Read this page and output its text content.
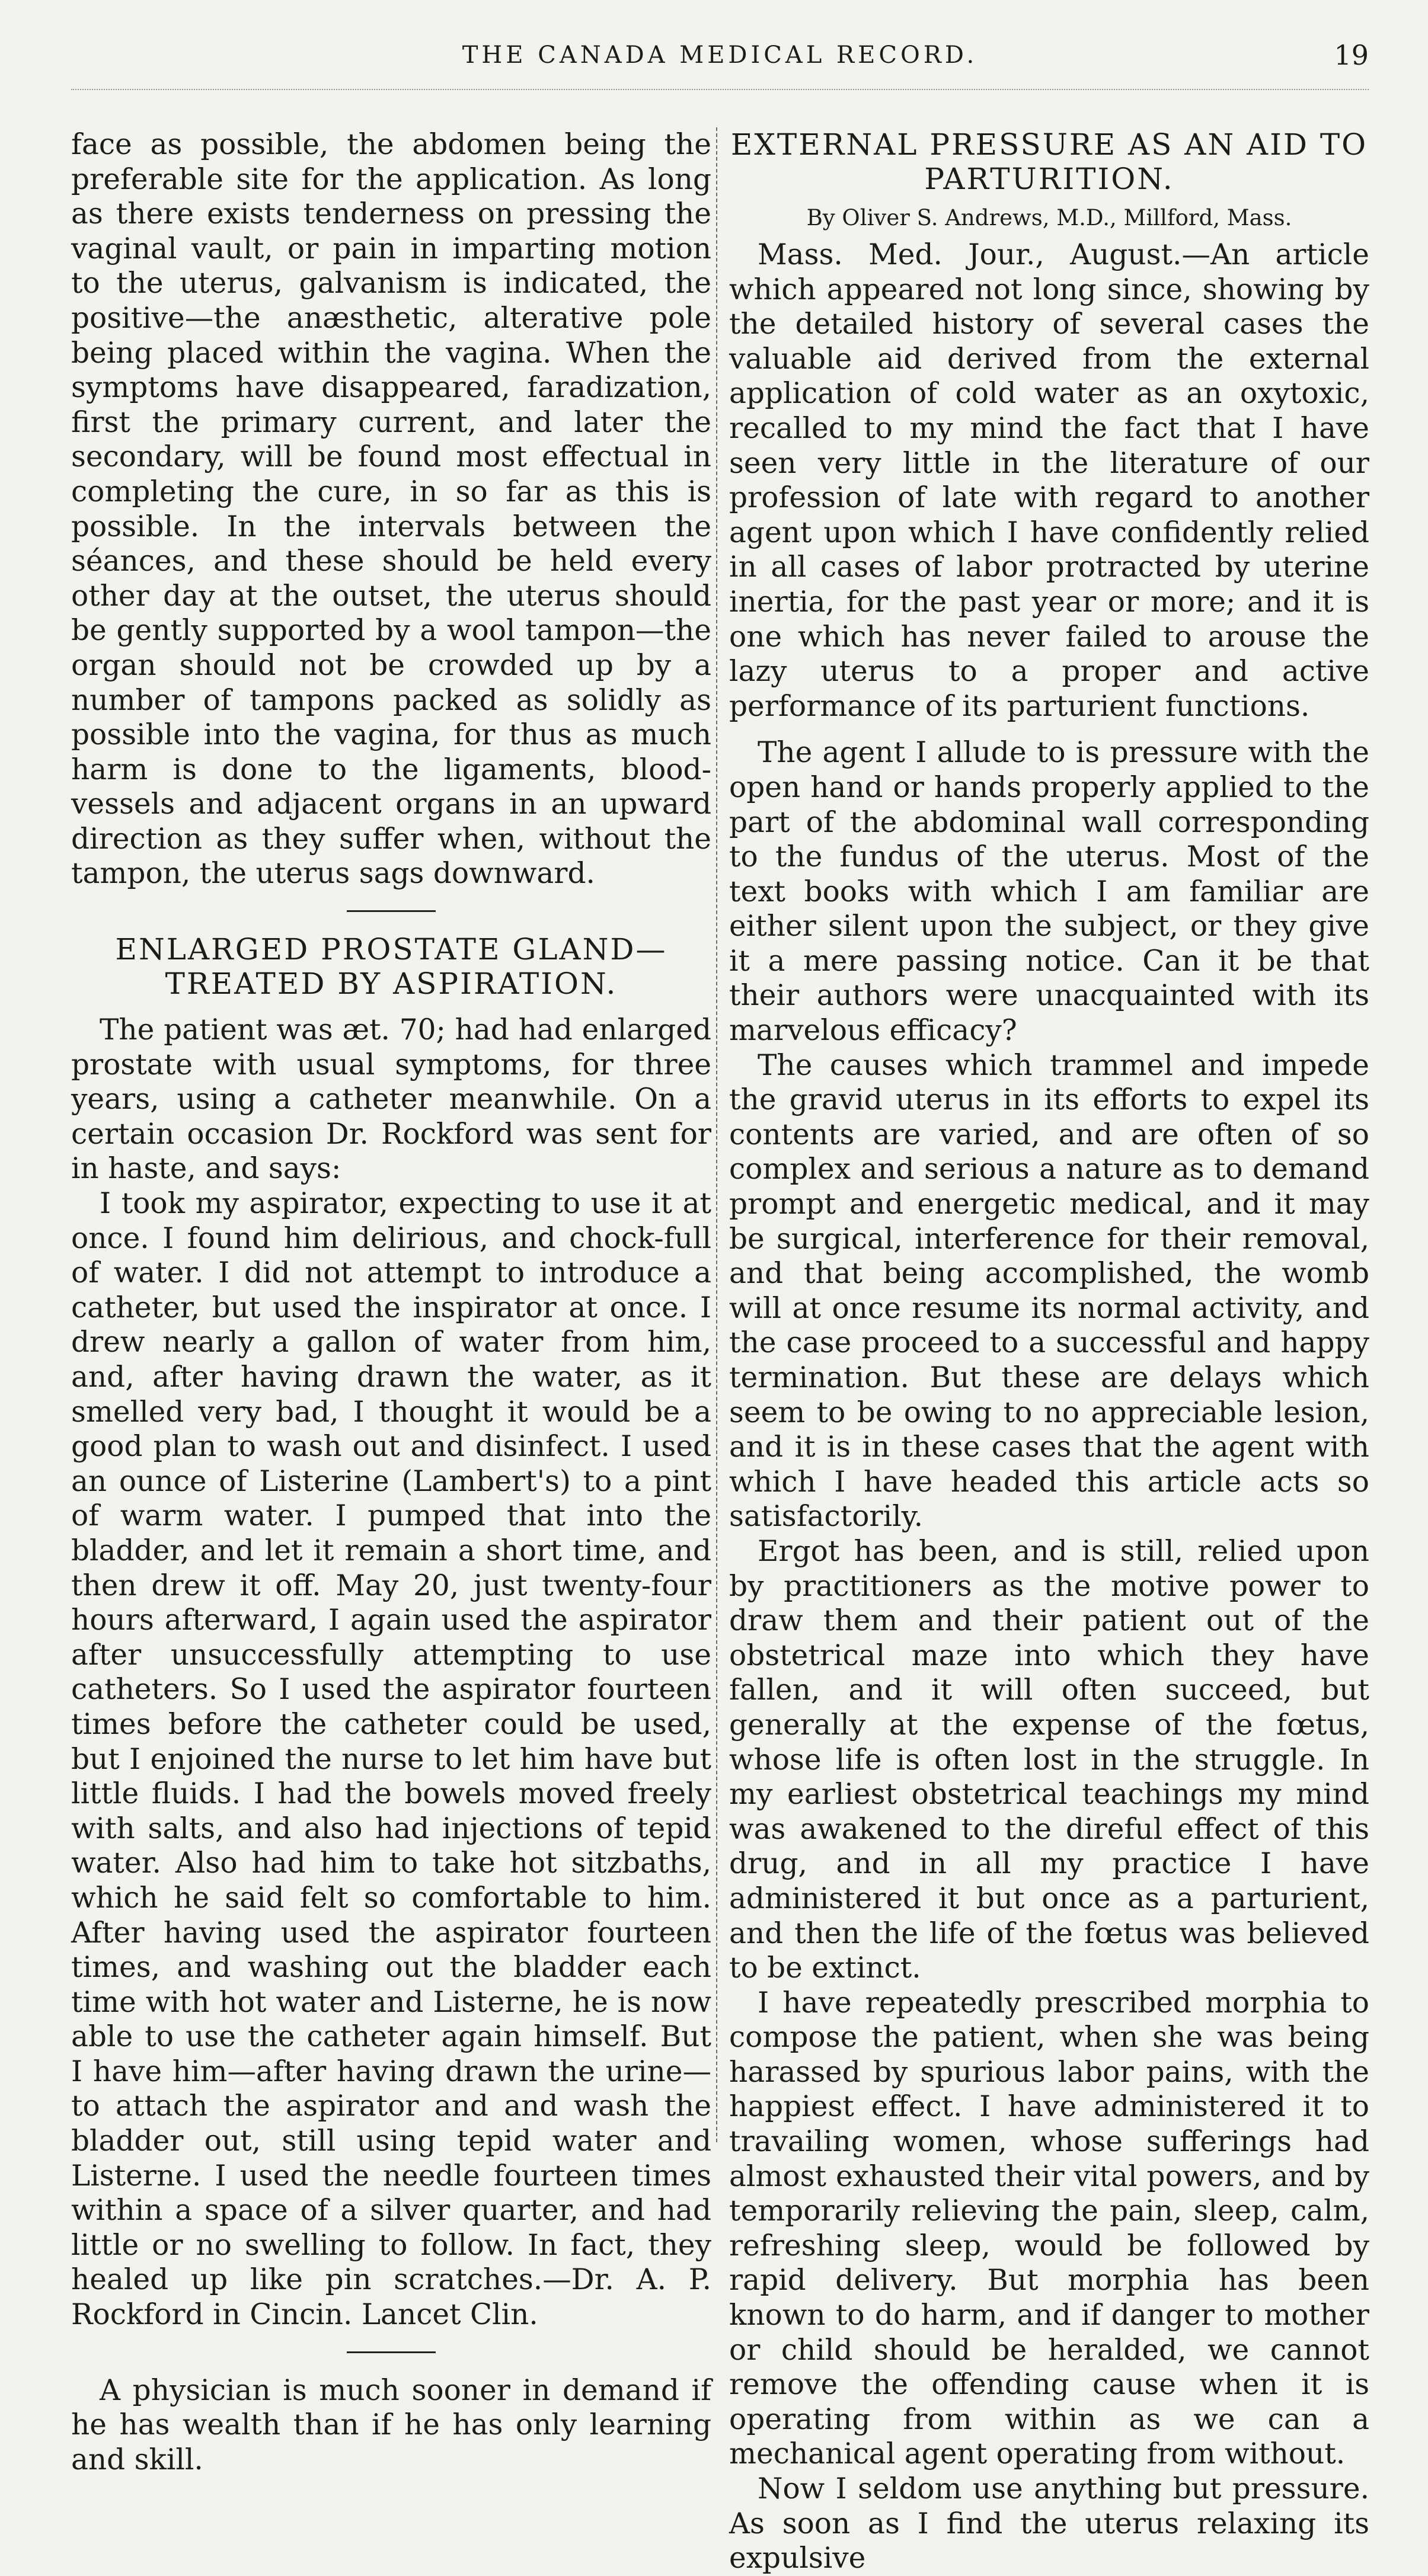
THE CANADA MEDICAL RECORD.	19

face as possible, the abdomen being the preferable site for the application. As long as there exists tenderness on pressing the vaginal vault, or pain in imparting motion to the uterus, galvanism is indicated, the positive—the anæsthetic, alterative pole being placed within the vagina. When the symptoms have disappeared, faradization, first the primary current, and later the secondary, will be found most effectual in completing the cure, in so far as this is possible. In the intervals between the séances, and these should be held every other day at the outset, the uterus should be gently supported by a wool tampon—the organ should not be crowded up by a number of tampons packed as solidly as possible into the vagina, for thus as much harm is done to the ligaments, blood-vessels and adjacent organs in an upward direction as they suffer when, without the tampon, the uterus sags downward.

ENLARGED PROSTATE GLAND—TREATED BY ASPIRATION.

The patient was æt. 70; had had enlarged prostate with usual symptoms, for three years, using a catheter meanwhile. On a certain occasion Dr. Rockford was sent for in haste, and says:

I took my aspirator, expecting to use it at once. I found him delirious, and chock-full of water. I did not attempt to introduce a catheter, but used the inspirator at once. I drew nearly a gallon of water from him, and, after having drawn the water, as it smelled very bad, I thought it would be a good plan to wash out and disinfect. I used an ounce of Listerine (Lambert's) to a pint of warm water. I pumped that into the bladder, and let it remain a short time, and then drew it off. May 20, just twenty-four hours afterward, I again used the aspirator after unsuccessfully attempting to use catheters. So I used the aspirator fourteen times before the catheter could be used, but I enjoined the nurse to let him have but little fluids. I had the bowels moved freely with salts, and also had injections of tepid water. Also had him to take hot sitzbaths, which he said felt so comfortable to him. After having used the aspirator fourteen times, and washing out the bladder each time with hot water and Listerne, he is now able to use the catheter again himself. But I have him—after having drawn the urine—to attach the aspirator and and wash the bladder out, still using tepid water and Listerne. I used the needle fourteen times within a space of a silver quarter, and had little or no swelling to follow. In fact, they healed up like pin scratches.—Dr. A. P. Rockford in Cincin. Lancet Clin.

A physician is much sooner in demand if he has wealth than if he has only learning and skill.

EXTERNAL PRESSURE AS AN AID TO PARTURITION.
By Oliver S. Andrews, M.D., Millford, Mass.

Mass. Med. Jour., August.—An article which appeared not long since, showing by the detailed history of several cases the valuable aid derived from the external application of cold water as an oxytoxic, recalled to my mind the fact that I have seen very little in the literature of our profession of late with regard to another agent upon which I have confidently relied in all cases of labor protracted by uterine inertia, for the past year or more; and it is one which has never failed to arouse the lazy uterus to a proper and active performance of its parturient functions.

The agent I allude to is pressure with the open hand or hands properly applied to the part of the abdominal wall corresponding to the fundus of the uterus. Most of the text books with which I am familiar are either silent upon the subject, or they give it a mere passing notice. Can it be that their authors were unacquainted with its marvelous efficacy?

The causes which trammel and impede the gravid uterus in its efforts to expel its contents are varied, and are often of so complex and serious a nature as to demand prompt and energetic medical, and it may be surgical, interference for their removal, and that being accomplished, the womb will at once resume its normal activity, and the case proceed to a successful and happy termination. But these are delays which seem to be owing to no appreciable lesion, and it is in these cases that the agent with which I have headed this article acts so satisfactorily.

Ergot has been, and is still, relied upon by practitioners as the motive power to draw them and their patient out of the obstetrical maze into which they have fallen, and it will often succeed, but generally at the expense of the fœtus, whose life is often lost in the struggle. In my earliest obstetrical teachings my mind was awakened to the direful effect of this drug, and in all my practice I have administered it but once as a parturient, and then the life of the fœtus was believed to be extinct.

I have repeatedly prescribed morphia to compose the patient, when she was being harassed by spurious labor pains, with the happiest effect. I have administered it to travailing women, whose sufferings had almost exhausted their vital powers, and by temporarily relieving the pain, sleep, calm, refreshing sleep, would be followed by rapid delivery. But morphia has been known to do harm, and if danger to mother or child should be heralded, we cannot remove the offending cause when it is operating from within as we can a mechanical agent operating from without.

Now I seldom use anything but pressure. As soon as I find the uterus relaxing its expulsive
